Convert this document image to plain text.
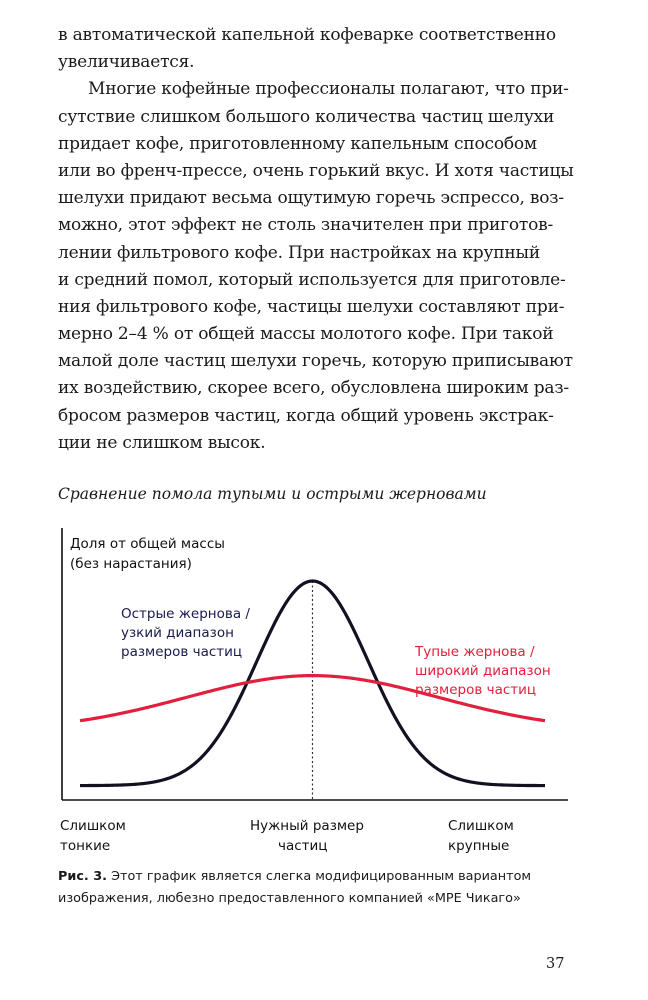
в автоматической капельной кофеварке соответственно
увеличивается.
Многие кофейные профессионалы полагают, что при-
сутствие слишком большого количества частиц шелухи
придает кофе, приготовленному капельным способом
или во френч-прессе, очень горький вкус. И хотя частицы
шелухи придают весьма ощутимую горечь эспрессо, воз-
можно, этот эффект не столь значителен при приготов-
лении фильтрового кофе. При настройках на крупный
и средний помол, который используется для приготовле-
ния фильтрового кофе, частицы шелухи составляют при-
мерно 2–4 % от общей массы молотого кофе. При такой
малой доле частиц шелухи горечь, которую приписывают
их воздействию, скорее всего, обусловлена широким раз-
бросом размеров частиц, когда общий уровень экстрак-
ции не слишком высок.
Сравнение помола тупыми и острыми жерновами
Доля от общей массы
(без нарастания)
Острые жернова /
узкий диапазон
размеров частиц	Тупые жернова /
широкий диапазон
размеров частиц
Слишком
тонкие
Нужный размер
частиц
Слишком
крупные
Рис. 3. Этот график является слегка модифицированным вариантом
изображения, любезно предоставленного компанией «MPE Чикаго»
37
